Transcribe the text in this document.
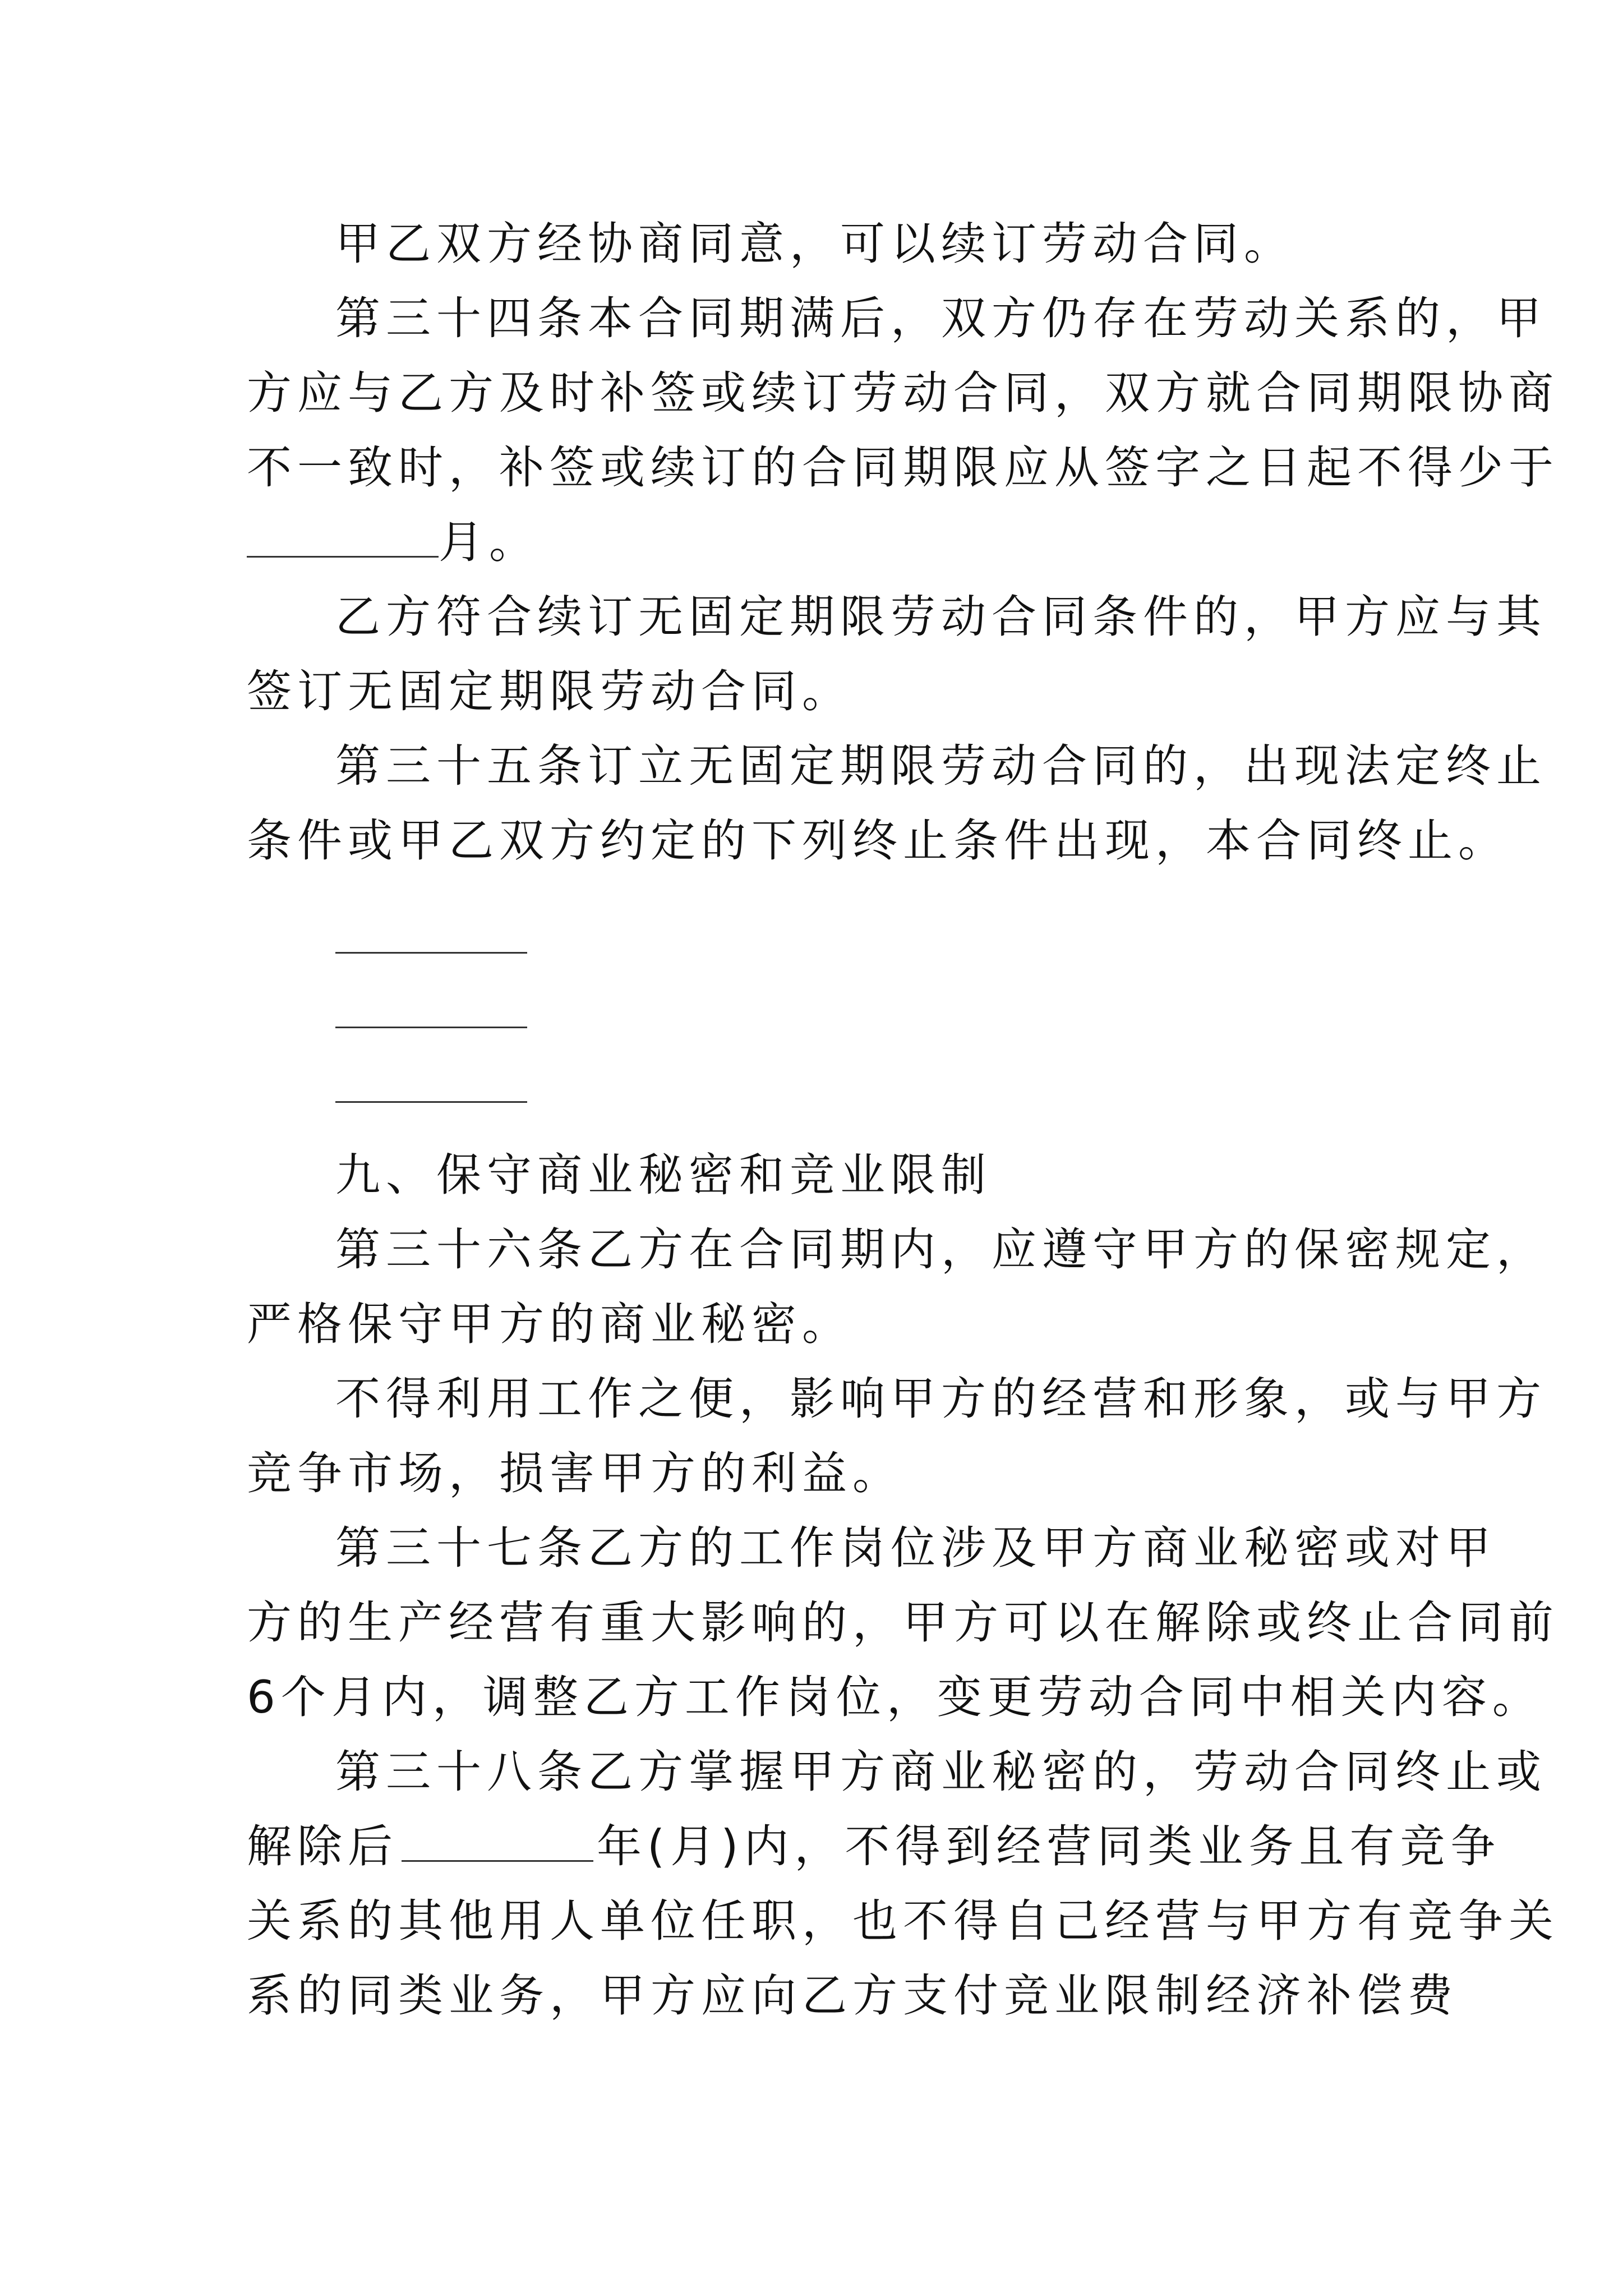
甲乙双方经协商同意，可以续订劳动合同。
第三十四条本合同期满后，双方仍存在劳动关系的，甲
方应与乙方及时补签或续订劳动合同，双方就合同期限协商
不一致时，补签或续订的合同期限应从签字之日起不得少于
月。
乙方符合续订无固定期限劳动合同条件的，甲方应与其
签订无固定期限劳动合同。
第三十五条订立无固定期限劳动合同的，出现法定终止
条件或甲乙双方约定的下列终止条件出现，本合同终止。
九、保守商业秘密和竞业限制
第三十六条乙方在合同期内，应遵守甲方的保密规定，
严格保守甲方的商业秘密。
不得利用工作之便，影响甲方的经营和形象，或与甲方
竞争市场，损害甲方的利益。
第三十七条乙方的工作岗位涉及甲方商业秘密或对甲
方的生产经营有重大影响的，甲方可以在解除或终止合同前
6个月内，调整乙方工作岗位，变更劳动合同中相关内容。
第三十八条乙方掌握甲方商业秘密的，劳动合同终止或
解除后	年(月)内，不得到经营同类业务且有竞争
关系的其他用人单位任职，也不得自己经营与甲方有竞争关
系的同类业务，甲方应向乙方支付竞业限制经济补偿费
